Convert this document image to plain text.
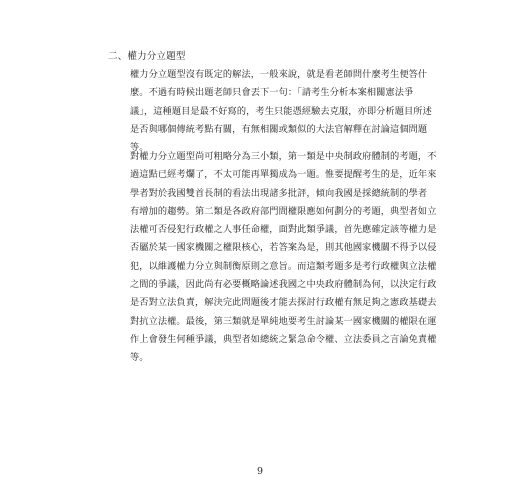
二、權力分立題型
權力分立題型沒有既定的解法，一般來說，就是看老師問什麼考生便答什
麼。不過有時候出題老師只會丟下一句：「請考生分析本案相關憲法爭
議」，這種題目是最不好寫的，考生只能憑經驗去克服，亦即分析題目所述
是否與哪個傳統考點有關，有無相關或類似的大法官解釋在討論這個問題
等。
對權力分立題型尚可粗略分為三小類，第一類是中央制政府體制的考題，不
過這點已經考爛了，不太可能再單獨成為一題。惟要提醒考生的是，近年來
學者對於我國雙首長制的看法出現諸多批評，傾向我國是採總統制的學者
有增加的趨勢。第二類是各政府部門間權限應如何劃分的考題，典型者如立
法權可否侵犯行政權之人事任命權，面對此類爭議，首先應確定該等權力是
否屬於某一國家機關之權限核心，若答案為是，則其他國家機關不得予以侵
犯，以維護權力分立與制衡原則之意旨。而這類考題多是考行政權與立法權
之間的爭議，因此尚有必要概略論述我國之中央政府體制為何，以決定行政
是否對立法負責，解決完此問題後才能去探討行政權有無足夠之憲政基礎去
對抗立法權。最後，第三類就是單純地要考生討論某一國家機關的權限在運
作上會發生何種爭議，典型者如總統之緊急命令權、立法委員之言論免責權
等。
9
